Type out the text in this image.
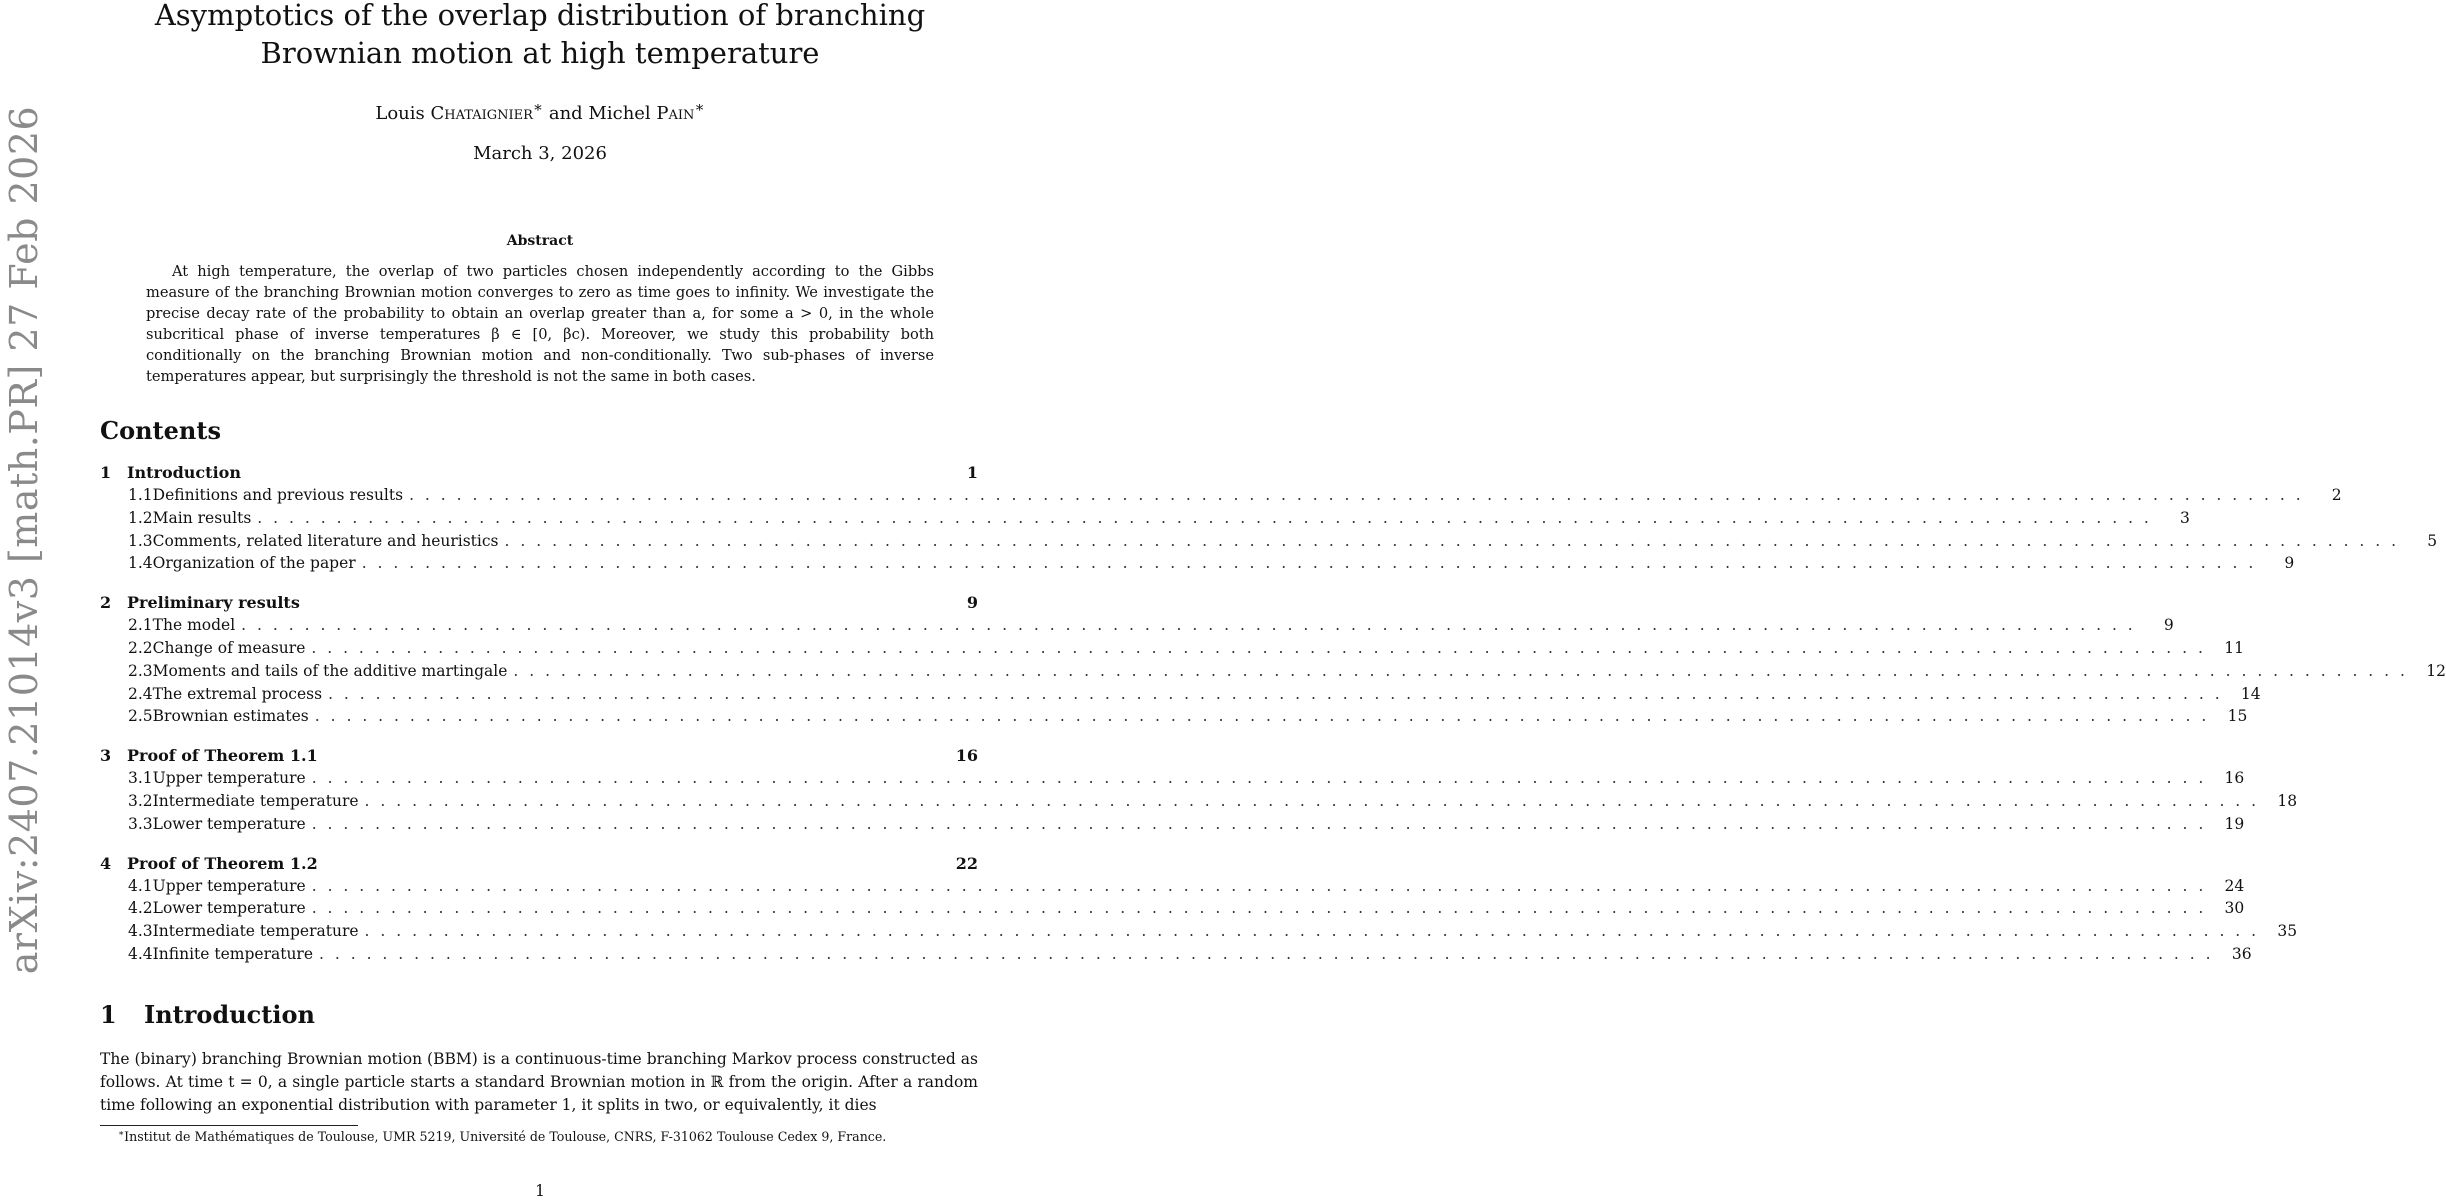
arXiv:2407.21014v3 [math.PR] 27 Feb 2026
Asymptotics of the overlap distribution of branching Brownian motion at high temperature
Louis Chataignier∗ and Michel Pain∗
March 3, 2026
Abstract

At high temperature, the overlap of two particles chosen independently according to the Gibbs measure of the branching Brownian motion converges to zero as time goes to infinity. We investigate the precise decay rate of the probability to obtain an overlap greater than a, for some a > 0, in the whole subcritical phase of inverse temperatures β ∈ [0, βc). Moreover, we study this probability both conditionally on the branching Brownian motion and non-conditionally. Two sub-phases of inverse temperatures appear, but surprisingly the threshold is not the same in both cases.

Contents
1 Introduction	1
1.1 Definitions and previous results . . . . . . . . . . . . . . . . . . . . . . . . . . . . . . . . . . . . . . . . . . . . . . . . . . . . . . . . . . . . . . . . . . . . . . . . . . . . . . . . . . . . . . . . . . . . . . . . . . . . . . . . . . . . . . . . . . . . . . . .	2
1.2 Main results . . . . . . . . . . . . . . . . . . . . . . . . . . . . . . . . . . . . . . . . . . . . . . . . . . . . . . . . . . . . . . . . . . . . . . . . . . . . . . . . . . . . . . . . . . . . . . . . . . . . . . . . . . . . . . . . . . . . . . . .	3
1.3 Comments, related literature and heuristics . . . . . . . . . . . . . . . . . . . . . . . . . . . . . . . . . . . . . . . . . . . . . . . . . . . . . . . . . . . . . . . . . . . . . . . . . . . . . . . . . . . . . . . . . . . . . . . . . . . . . . . . . . . . . . . . . . . . . . . .	5
1.4 Organization of the paper . . . . . . . . . . . . . . . . . . . . . . . . . . . . . . . . . . . . . . . . . . . . . . . . . . . . . . . . . . . . . . . . . . . . . . . . . . . . . . . . . . . . . . . . . . . . . . . . . . . . . . . . . . . . . . . . . . . . . . . .	9
2 Preliminary results	9
2.1 The model . . . . . . . . . . . . . . . . . . . . . . . . . . . . . . . . . . . . . . . . . . . . . . . . . . . . . . . . . . . . . . . . . . . . . . . . . . . . . . . . . . . . . . . . . . . . . . . . . . . . . . . . . . . . . . . . . . . . . . . .	9
2.2 Change of measure . . . . . . . . . . . . . . . . . . . . . . . . . . . . . . . . . . . . . . . . . . . . . . . . . . . . . . . . . . . . . . . . . . . . . . . . . . . . . . . . . . . . . . . . . . . . . . . . . . . . . . . . . . . . . . . . . . . . . . . .	11
2.3 Moments and tails of the additive martingale . . . . . . . . . . . . . . . . . . . . . . . . . . . . . . . . . . . . . . . . . . . . . . . . . . . . . . . . . . . . . . . . . . . . . . . . . . . . . . . . . . . . . . . . . . . . . . . . . . . . . . . . . . . . . . . . . . . . . . . .	12
2.4 The extremal process . . . . . . . . . . . . . . . . . . . . . . . . . . . . . . . . . . . . . . . . . . . . . . . . . . . . . . . . . . . . . . . . . . . . . . . . . . . . . . . . . . . . . . . . . . . . . . . . . . . . . . . . . . . . . . . . . . . . . . . .	14
2.5 Brownian estimates . . . . . . . . . . . . . . . . . . . . . . . . . . . . . . . . . . . . . . . . . . . . . . . . . . . . . . . . . . . . . . . . . . . . . . . . . . . . . . . . . . . . . . . . . . . . . . . . . . . . . . . . . . . . . . . . . . . . . . . .	15
3 Proof of Theorem 1.1	16
3.1 Upper temperature . . . . . . . . . . . . . . . . . . . . . . . . . . . . . . . . . . . . . . . . . . . . . . . . . . . . . . . . . . . . . . . . . . . . . . . . . . . . . . . . . . . . . . . . . . . . . . . . . . . . . . . . . . . . . . . . . . . . . . . .	16
3.2 Intermediate temperature . . . . . . . . . . . . . . . . . . . . . . . . . . . . . . . . . . . . . . . . . . . . . . . . . . . . . . . . . . . . . . . . . . . . . . . . . . . . . . . . . . . . . . . . . . . . . . . . . . . . . . . . . . . . . . . . . . . . . . . .	18
3.3 Lower temperature . . . . . . . . . . . . . . . . . . . . . . . . . . . . . . . . . . . . . . . . . . . . . . . . . . . . . . . . . . . . . . . . . . . . . . . . . . . . . . . . . . . . . . . . . . . . . . . . . . . . . . . . . . . . . . . . . . . . . . . .	19
4 Proof of Theorem 1.2	22
4.1 Upper temperature . . . . . . . . . . . . . . . . . . . . . . . . . . . . . . . . . . . . . . . . . . . . . . . . . . . . . . . . . . . . . . . . . . . . . . . . . . . . . . . . . . . . . . . . . . . . . . . . . . . . . . . . . . . . . . . . . . . . . . . .	24
4.2 Lower temperature . . . . . . . . . . . . . . . . . . . . . . . . . . . . . . . . . . . . . . . . . . . . . . . . . . . . . . . . . . . . . . . . . . . . . . . . . . . . . . . . . . . . . . . . . . . . . . . . . . . . . . . . . . . . . . . . . . . . . . . .	30
4.3 Intermediate temperature . . . . . . . . . . . . . . . . . . . . . . . . . . . . . . . . . . . . . . . . . . . . . . . . . . . . . . . . . . . . . . . . . . . . . . . . . . . . . . . . . . . . . . . . . . . . . . . . . . . . . . . . . . . . . . . . . . . . . . . .	35
4.4 Infinite temperature . . . . . . . . . . . . . . . . . . . . . . . . . . . . . . . . . . . . . . . . . . . . . . . . . . . . . . . . . . . . . . . . . . . . . . . . . . . . . . . . . . . . . . . . . . . . . . . . . . . . . . . . . . . . . . . . . . . . . . . .	36
1 Introduction

The (binary) branching Brownian motion (BBM) is a continuous-time branching Markov process constructed as follows. At time t = 0, a single particle starts a standard Brownian motion in ℝ from the origin. After a random time following an exponential distribution with parameter 1, it splits in two, or equivalently, it dies

∗Institut de Mathématiques de Toulouse, UMR 5219, Université de Toulouse, CNRS, F-31062 Toulouse Cedex 9, France.
1
